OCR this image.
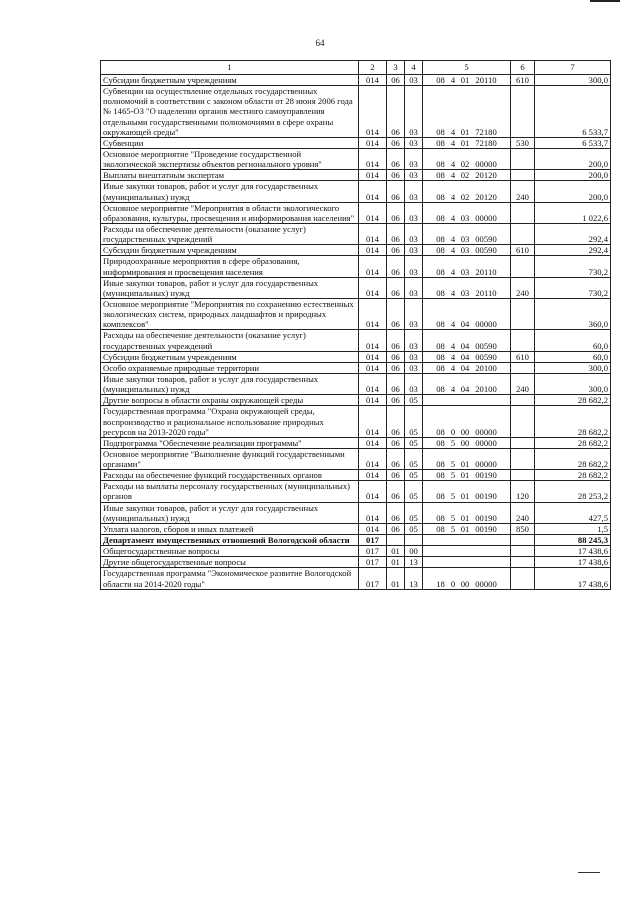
64
1	2	3	4	5	6	7
Субсидии бюджетным учреждениям	014	06	03	08 4 01 20110	610	300,0
Субвенции на осуществление отдельных государственных полномочий в соответствии с законом области от 28 июня 2006 года № 1465-ОЗ "О наделении органов местного самоуправления отдельными государственными полномочиями в сфере охраны окружающей среды"	014	06	03	08 4 01 72180		6 533,7
Субвенции	014	06	03	08 4 01 72180	530	6 533,7
Основное мероприятие "Проведение государственной экологической экспертизы объектов регионального уровня"	014	06	03	08 4 02 00000		200,0
Выплаты внештатным экспертам	014	06	03	08 4 02 20120		200,0
Иные закупки товаров, работ и услуг для государственных (муниципальных) нужд	014	06	03	08 4 02 20120	240	200,0
Основное мероприятие "Мероприятия в области экологического образования, культуры, просвещения и информирования населения"	014	06	03	08 4 03 00000		1 022,6
Расходы на обеспечение деятельности (оказание услуг) государственных учреждений	014	06	03	08 4 03 00590		292,4
Субсидии бюджетным учреждениям	014	06	03	08 4 03 00590	610	292,4
Природоохранные мероприятия в сфере образования, информирования и просвещения населения	014	06	03	08 4 03 20110		730,2
Иные закупки товаров, работ и услуг для государственных (муниципальных) нужд	014	06	03	08 4 03 20110	240	730,2
Основное мероприятие "Мероприятия по сохранению естественных экологических систем, природных ландшафтов и природных комплексов"	014	06	03	08 4 04 00000		360,0
Расходы на обеспечение деятельности (оказание услуг) государственных учреждений	014	06	03	08 4 04 00590		60,0
Субсидии бюджетным учреждениям	014	06	03	08 4 04 00590	610	60,0
Особо охраняемые природные территории	014	06	03	08 4 04 20100		300,0
Иные закупки товаров, работ и услуг для государственных (муниципальных) нужд	014	06	03	08 4 04 20100	240	300,0
Другие вопросы в области охраны окружающей среды	014	06	05			28 682,2
Государственная программа "Охрана окружающей среды, воспроизводство и рациональное использование природных ресурсов на 2013-2020 годы"	014	06	05	08 0 00 00000		28 682,2
Подпрограмма "Обеспечение реализации программы"	014	06	05	08 5 00 00000		28 682,2
Основное мероприятие "Выполнение функций государственными органами"	014	06	05	08 5 01 00000		28 682,2
Расходы на обеспечение функций государственных органов	014	06	05	08 5 01 00190		28 682,2
Расходы на выплаты персоналу государственных (муниципальных) органов	014	06	05	08 5 01 00190	120	28 253,2
Иные закупки товаров, работ и услуг для государственных (муниципальных) нужд	014	06	05	08 5 01 00190	240	427,5
Уплата налогов, сборов и иных платежей	014	06	05	08 5 01 00190	850	1,5
Департамент имущественных отношений Вологодской области	017					88 245,3
Общегосударственные вопросы	017	01	00			17 438,6
Другие общегосударственные вопросы	017	01	13			17 438,6
Государственная программа "Экономическое развитие Вологодской области на 2014-2020 годы"	017	01	13	18 0 00 00000		17 438,6
